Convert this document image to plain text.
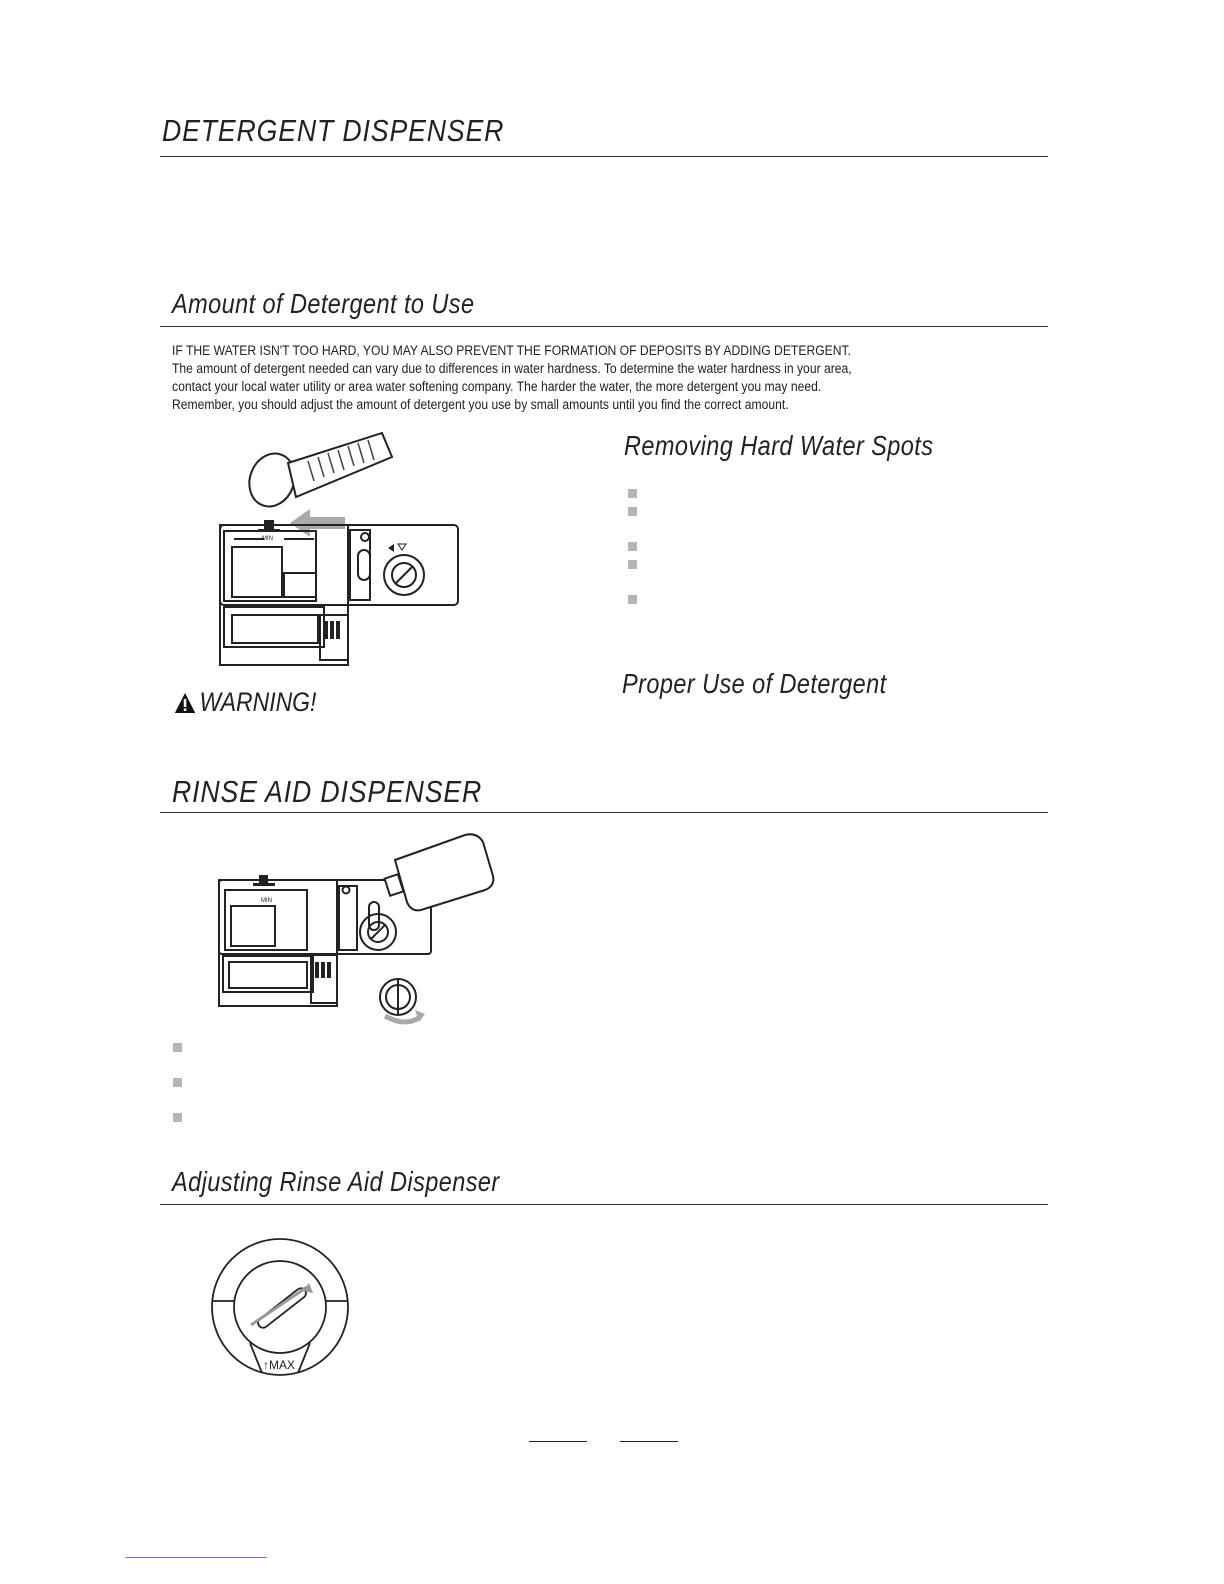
DETERGENT DISPENSER
Amount of Detergent to Use
IF THE WATER ISN'T TOO HARD, YOU MAY ALSO PREVENT THE FORMATION OF DEPOSITS BY ADDING DETERGENT.
The amount of detergent needed can vary due to differences in water hardness. To determine the water hardness in your area,
contact your local water utility or area water softening company. The harder the water, the more detergent you may need.
Remember, you should adjust the amount of detergent you use by small amounts until you find the correct amount.
MIN
Removing Hard Water Spots
WARNING!
Proper Use of Detergent
RINSE AID DISPENSER
MIN
Adjusting Rinse Aid Dispenser
↑MAX
